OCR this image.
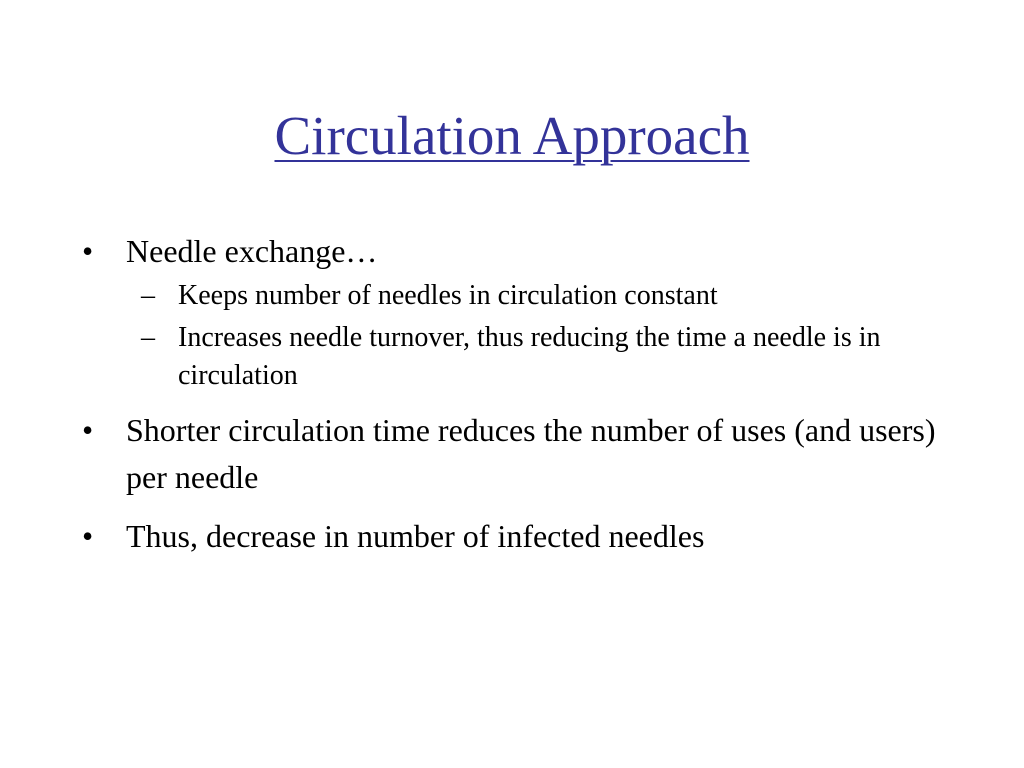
Circulation Approach
• Needle exchange…
– Keeps number of needles in circulation constant
– Increases needle turnover, thus reducing the time a needle is in circulation
• Shorter circulation time reduces the number of uses (and users) per needle
• Thus, decrease in number of infected needles
